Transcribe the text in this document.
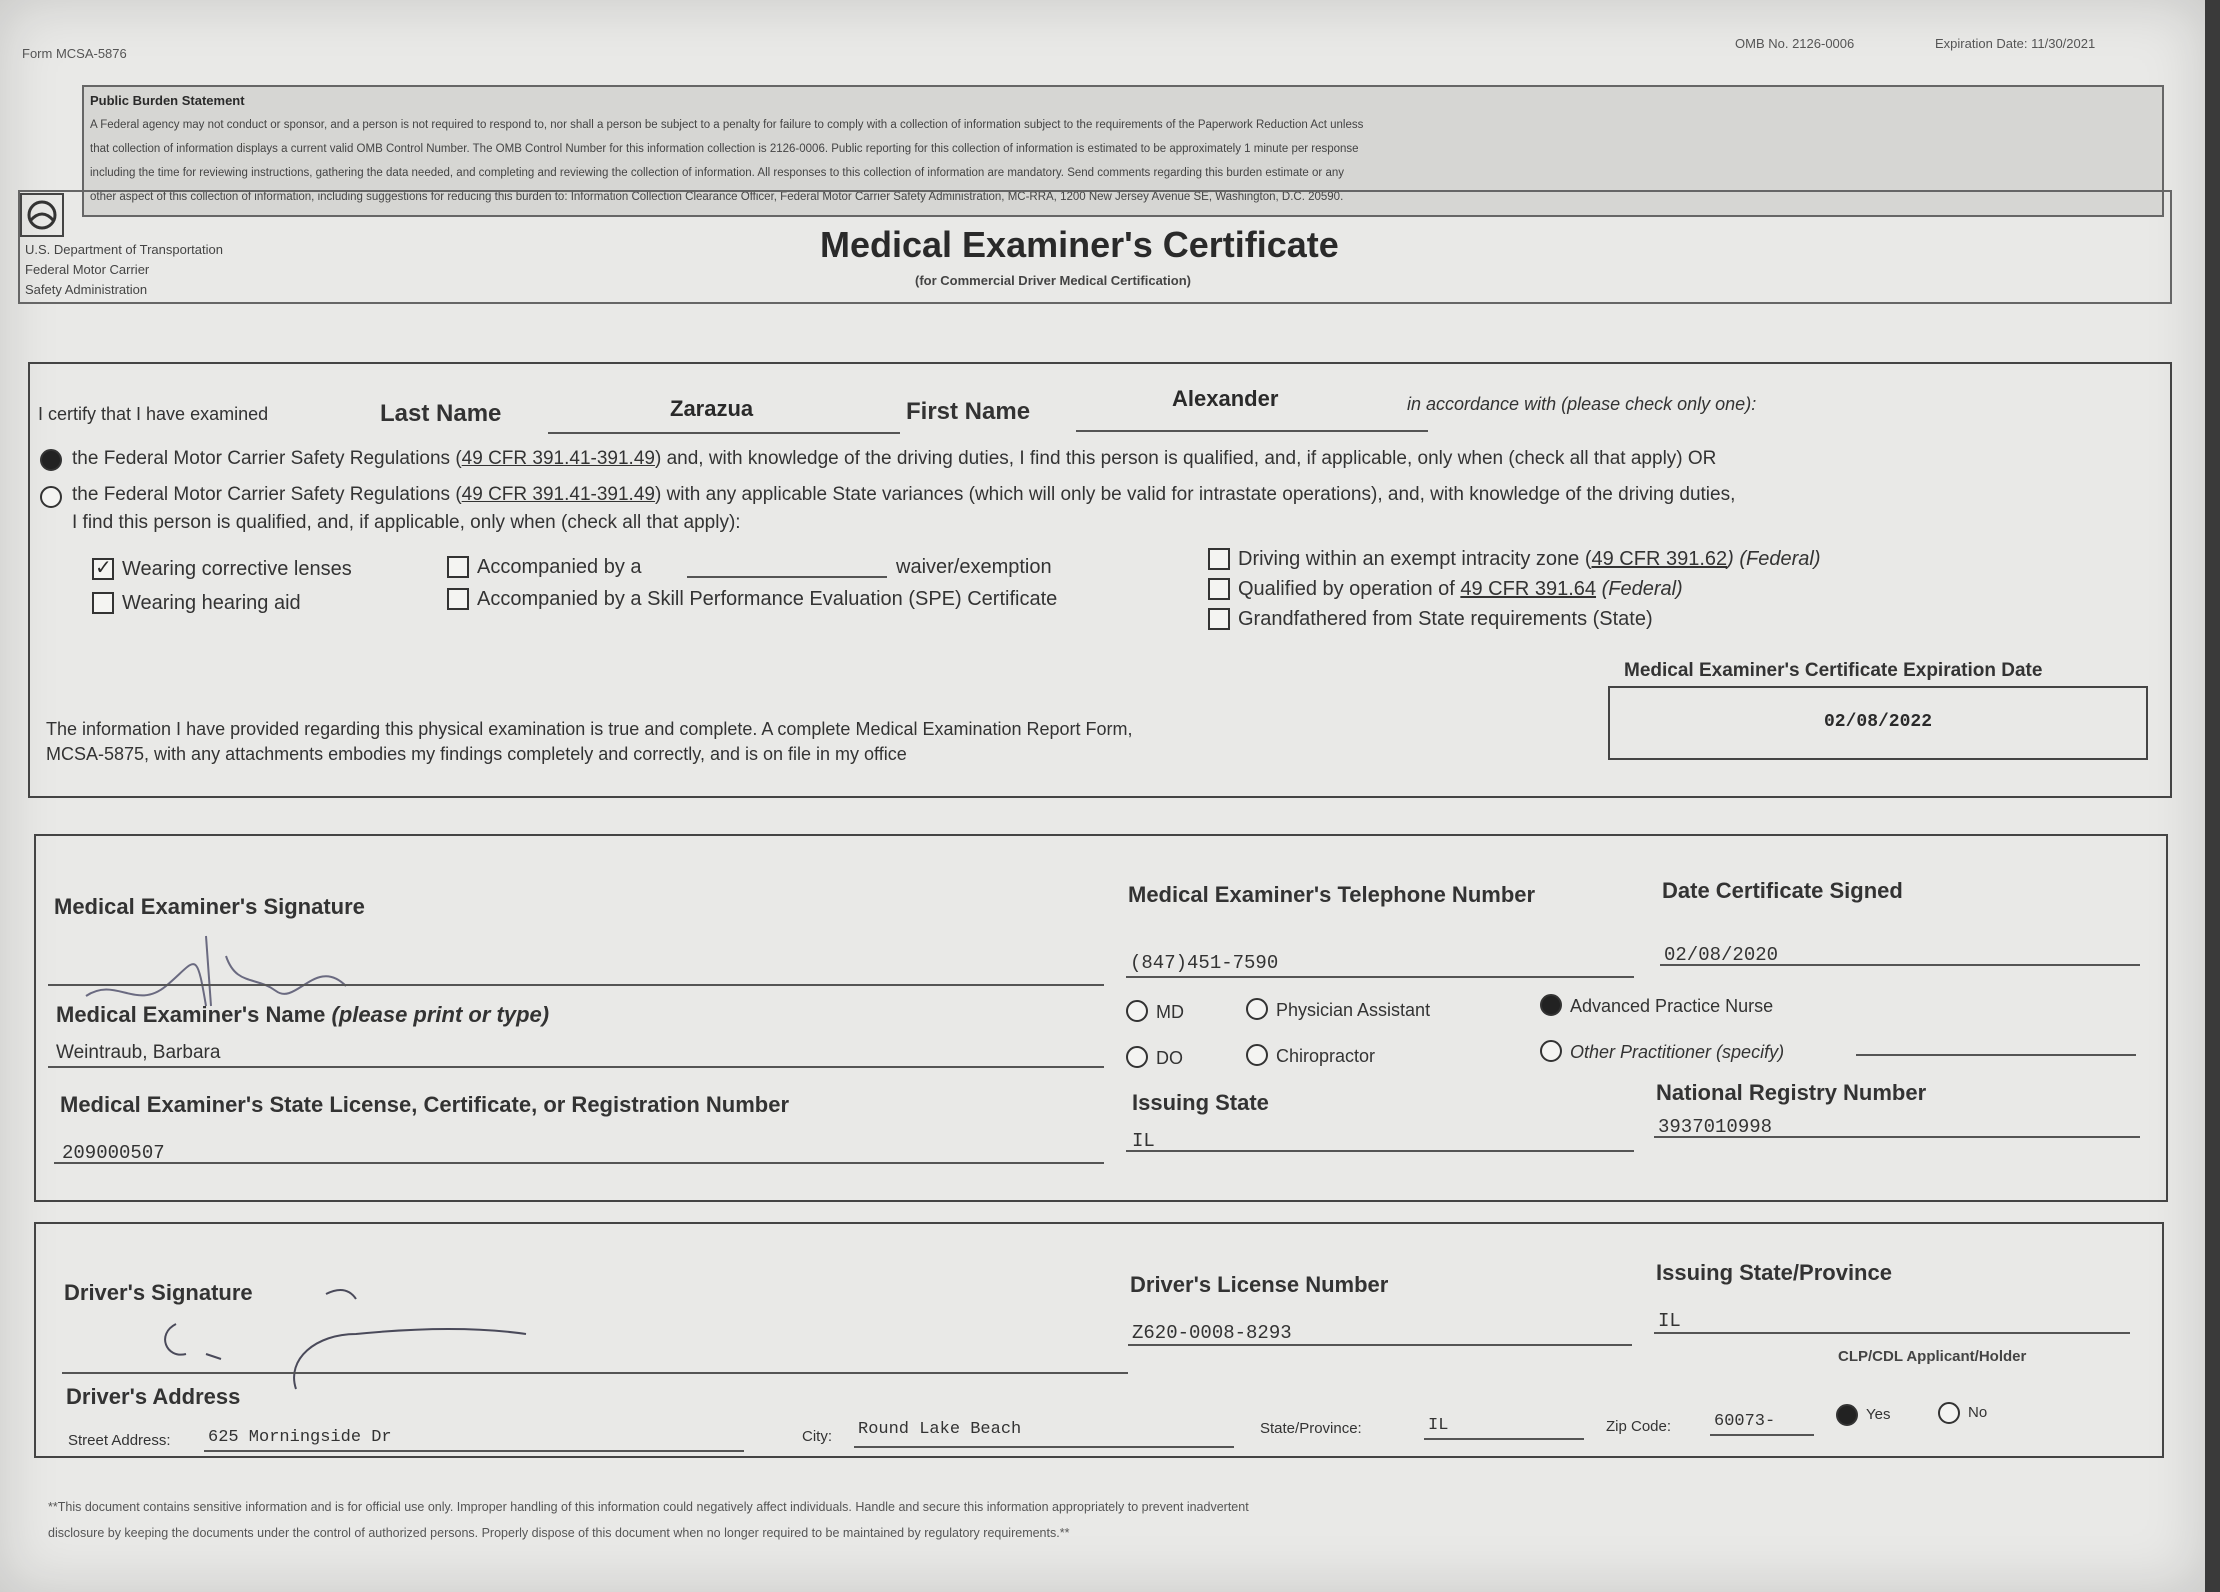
Form MCSA-5876
OMB No. 2126-0006	Expiration Date: 11/30/2021
Public Burden Statement
A Federal agency may not conduct or sponsor, and a person is not required to respond to, nor shall a person be subject to a penalty for failure to comply with a collection of information subject to the requirements of the Paperwork Reduction Act unless
that collection of information displays a current valid OMB Control Number. The OMB Control Number for this information collection is 2126-0006. Public reporting for this collection of information is estimated to be approximately 1 minute per response
including the time for reviewing instructions, gathering the data needed, and completing and reviewing the collection of information. All responses to this collection of information are mandatory. Send comments regarding this burden estimate or any
other aspect of this collection of information, including suggestions for reducing this burden to: Information Collection Clearance Officer, Federal Motor Carrier Safety Administration, MC-RRA, 1200 New Jersey Avenue SE, Washington, D.C. 20590.
U.S. Department of Transportation
Federal Motor Carrier
Safety Administration
Medical Examiner's Certificate
(for Commercial Driver Medical Certification)
I certify that I have examined	Last Name	Zarazua	First Name	Alexander	in accordance with (please check only one):
the Federal Motor Carrier Safety Regulations (49 CFR 391.41-391.49) and, with knowledge of the driving duties, I find this person is qualified, and, if applicable, only when (check all that apply) OR
the Federal Motor Carrier Safety Regulations (49 CFR 391.41-391.49) with any applicable State variances (which will only be valid for intrastate operations), and, with knowledge of the driving duties,
I find this person is qualified, and, if applicable, only when (check all that apply):
✓
Wearing corrective lenses
Wearing hearing aid
Accompanied by a	waiver/exemption
Accompanied by a Skill Performance Evaluation (SPE) Certificate
Driving within an exempt intracity zone (49 CFR 391.62) (Federal)
Qualified by operation of 49 CFR 391.64 (Federal)
Grandfathered from State requirements (State)
The information I have provided regarding this physical examination is true and complete. A complete Medical Examination Report Form,
MCSA-5875, with any attachments embodies my findings completely and correctly, and is on file in my office
Medical Examiner's Certificate Expiration Date
02/08/2022
Medical Examiner's Signature	Medical Examiner's Telephone Number
(847)451-7590
Date Certificate Signed
02/08/2020
Medical Examiner's Name (please print or type)
Weintraub, Barbara
MD
DO
Physician Assistant
Chiropractor
Advanced Practice Nurse
Other Practitioner (specify)
Medical Examiner's State License, Certificate, or Registration Number
209000507
Issuing State
IL
National Registry Number
3937010998
Driver's Signature	Driver's License Number
Z620-0008-8293
Issuing State/Province
IL
CLP/CDL Applicant/Holder
Driver's Address
Street Address: 625 Morningside Dr	City: Round Lake Beach	State/Province:	IL	Zip Code:	60073-	Yes	No
**This document contains sensitive information and is for official use only. Improper handling of this information could negatively affect individuals. Handle and secure this information appropriately to prevent inadvertent
disclosure by keeping the documents under the control of authorized persons. Properly dispose of this document when no longer required to be maintained by regulatory requirements.**
